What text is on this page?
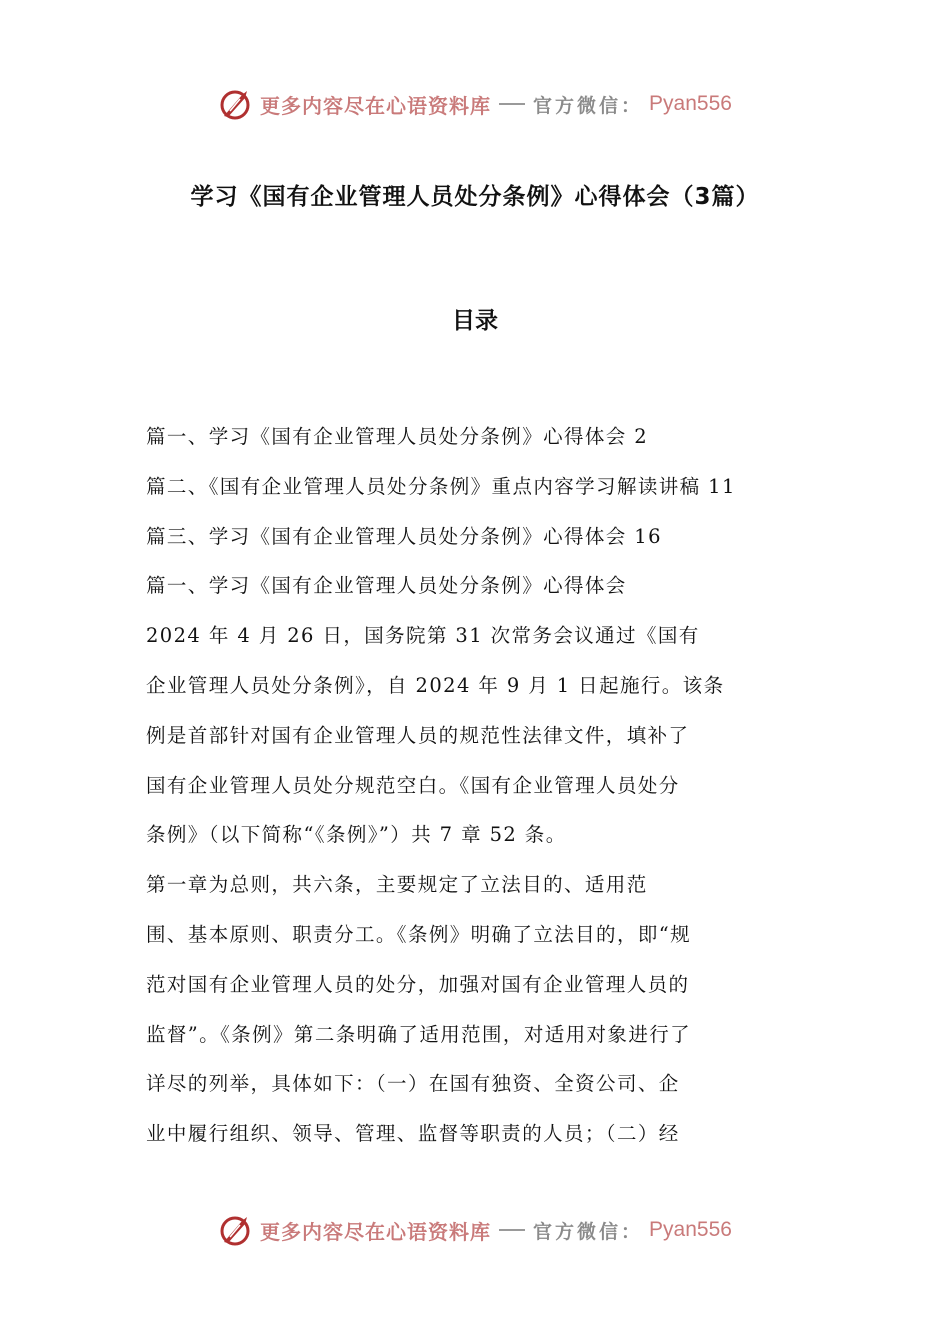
更多内容尽在心语资料库 官方微信： Pyan556
学习《国有企业管理人员处分条例》心得体会（3篇）
目录
篇一、学习《国有企业管理人员处分条例》心得体会 2
篇二、《国有企业管理人员处分条例》重点内容学习解读讲稿 11
篇三、学习《国有企业管理人员处分条例》心得体会 16
篇一、学习《国有企业管理人员处分条例》心得体会
2024 年 4 月 26 日，国务院第 31 次常务会议通过《国有
企业管理人员处分条例》，自 2024 年 9 月 1 日起施行。该条
例是首部针对国有企业管理人员的规范性法律文件，填补了
国有企业管理人员处分规范空白。《国有企业管理人员处分
条例》（以下简称“《条例》”）共 7 章 52 条。
第一章为总则，共六条，主要规定了立法目的、适用范
围、基本原则、职责分工。《条例》明确了立法目的，即“规
范对国有企业管理人员的处分，加强对国有企业管理人员的
监督”。《条例》第二条明确了适用范围，对适用对象进行了
详尽的列举，具体如下：（一）在国有独资、全资公司、企
业中履行组织、领导、管理、监督等职责的人员；（二）经
更多内容尽在心语资料库 官方微信： Pyan556
